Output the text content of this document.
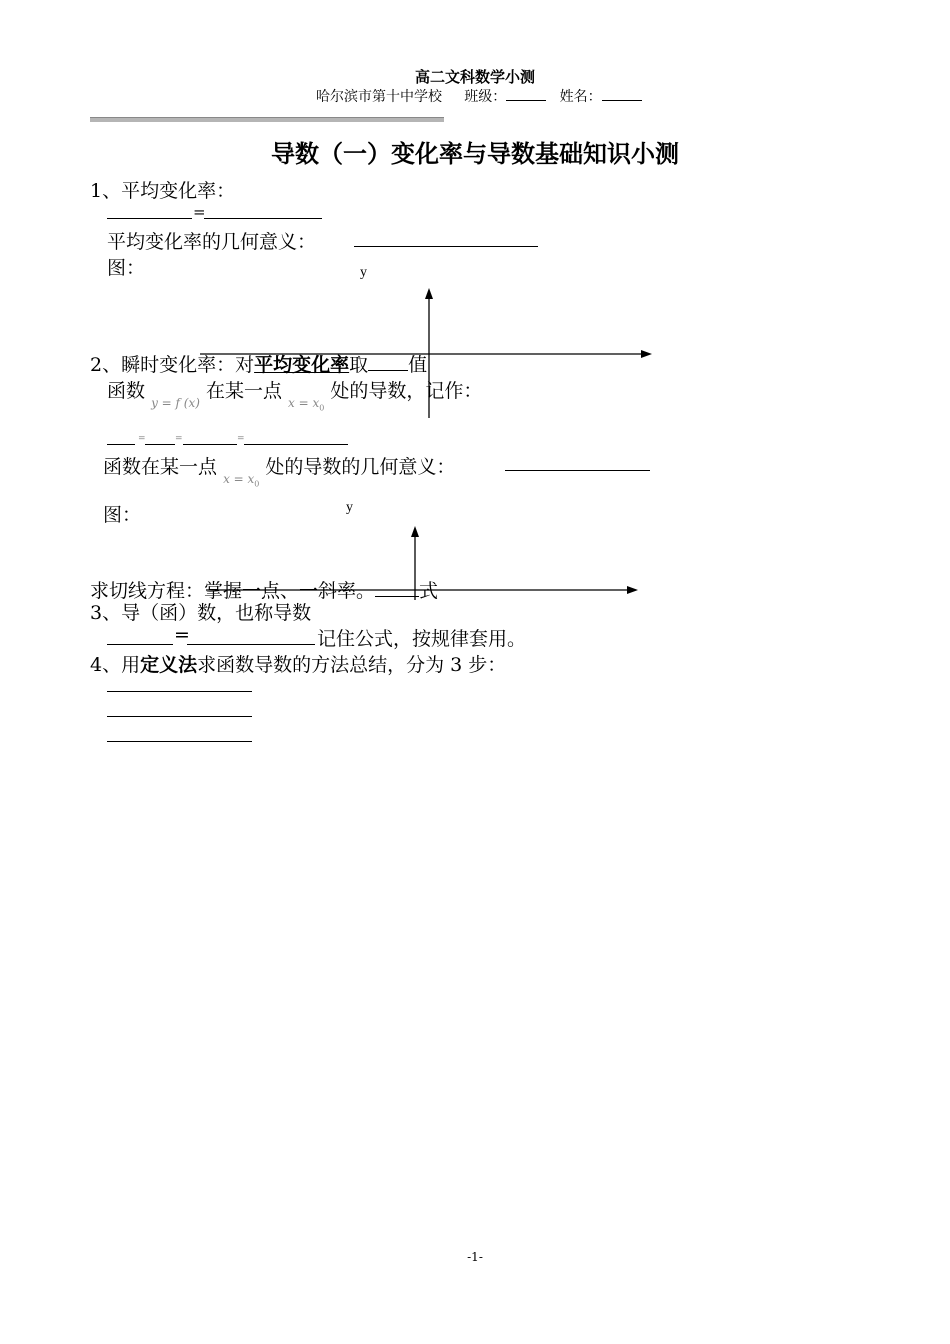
高二文科数学小测
哈尔滨市第十中学校 班级：	姓名：
导数（一）变化率与导数基础知识小测
1、平均变化率：
=
平均变化率的几何意义：
图：	y
2、瞬时变化率：对平均变化率取 值
函数 $_{y = f (x)}$ 在某一点 $_{x = x_0}$ 处的导数，记作：
=	=	=
函数在某一点 $_{x = x_0}$ 处的导数的几何意义：
图：	y
求切线方程：掌握一点、一斜率。 式
3、导（函）数，也称导数
=	记住公式，按规律套用。
4、用定义法求函数导数的方法总结，分为 3 步：
-1-
